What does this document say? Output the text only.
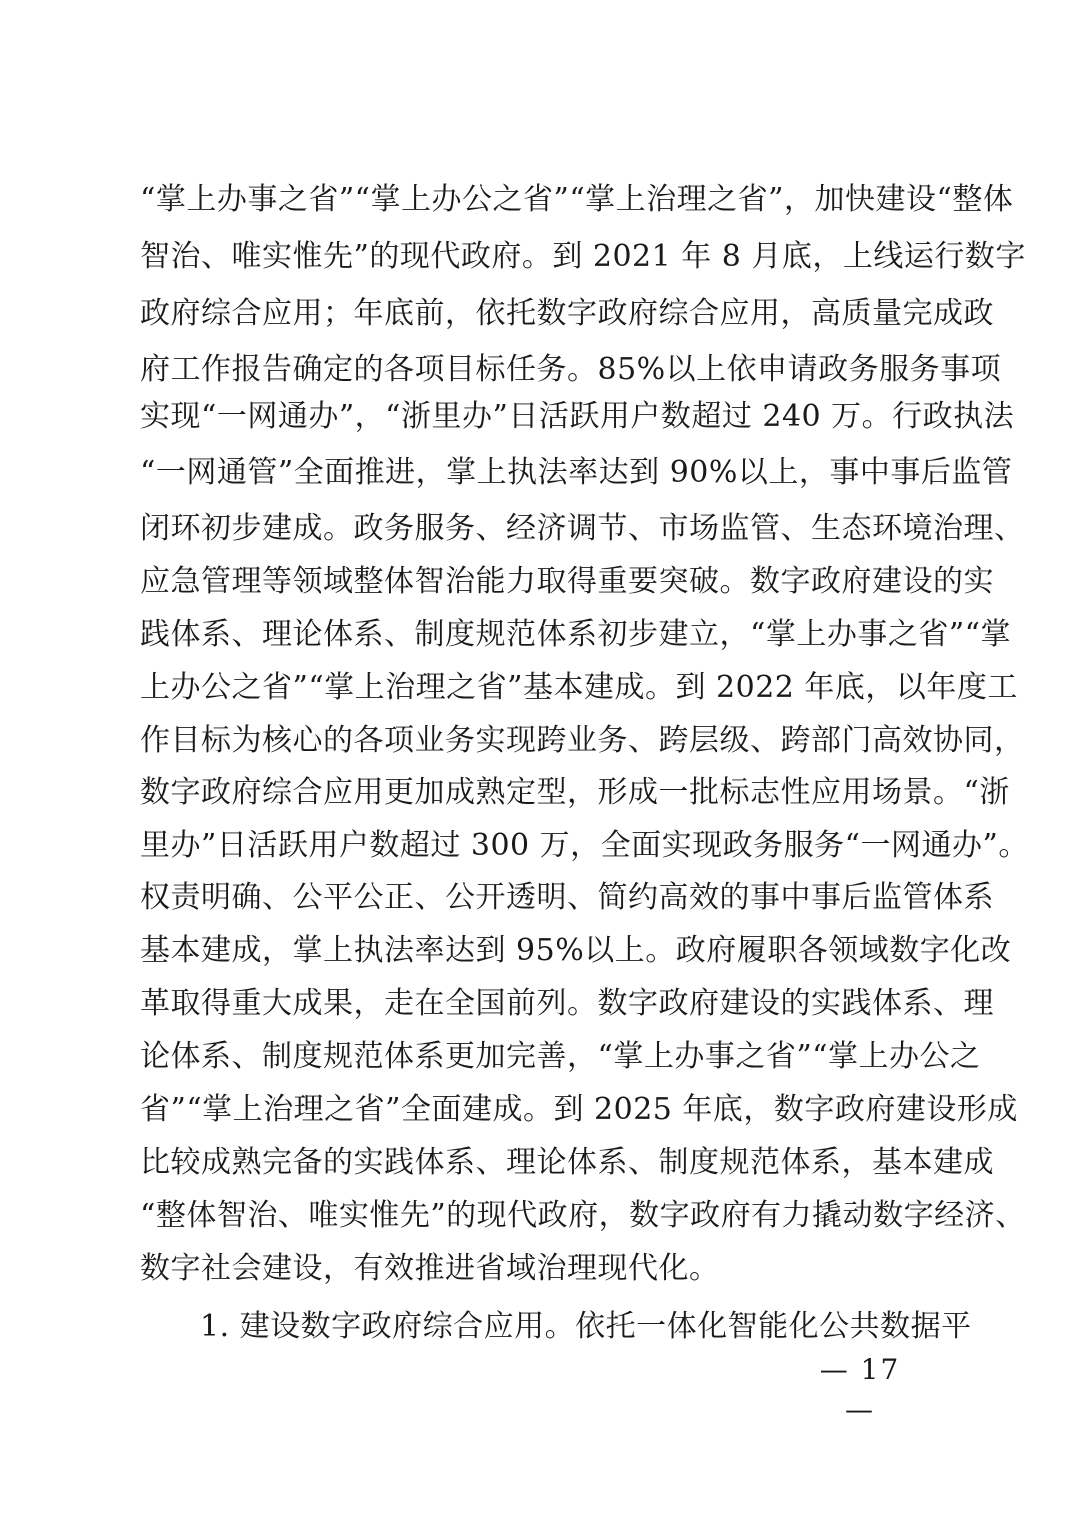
“掌上办事之省”“掌上办公之省”“掌上治理之省”，加快建设“整体
智治、唯实惟先”的现代政府。到 2021 年 8 月底，上线运行数字
政府综合应用；年底前，依托数字政府综合应用，高质量完成政
府工作报告确定的各项目标任务。85%以上依申请政务服务事项
实现“一网通办”，“浙里办”日活跃用户数超过 240 万。行政执法
“一网通管”全面推进，掌上执法率达到 90%以上，事中事后监管
闭环初步建成。政务服务、经济调节、市场监管、生态环境治理、
应急管理等领域整体智治能力取得重要突破。数字政府建设的实
践体系、理论体系、制度规范体系初步建立，“掌上办事之省”“掌
上办公之省”“掌上治理之省”基本建成。到 2022 年底，以年度工
作目标为核心的各项业务实现跨业务、跨层级、跨部门高效协同，
数字政府综合应用更加成熟定型，形成一批标志性应用场景。“浙
里办”日活跃用户数超过 300 万，全面实现政务服务“一网通办”。
权责明确、公平公正、公开透明、简约高效的事中事后监管体系
基本建成，掌上执法率达到 95%以上。政府履职各领域数字化改
革取得重大成果，走在全国前列。数字政府建设的实践体系、理
论体系、制度规范体系更加完善，“掌上办事之省”“掌上办公之
省”“掌上治理之省”全面建成。到 2025 年底，数字政府建设形成
比较成熟完备的实践体系、理论体系、制度规范体系，基本建成
“整体智治、唯实惟先”的现代政府，数字政府有力撬动数字经济、
数字社会建设，有效推进省域治理现代化。
1. 建设数字政府综合应用。依托一体化智能化公共数据平
— 17 —
